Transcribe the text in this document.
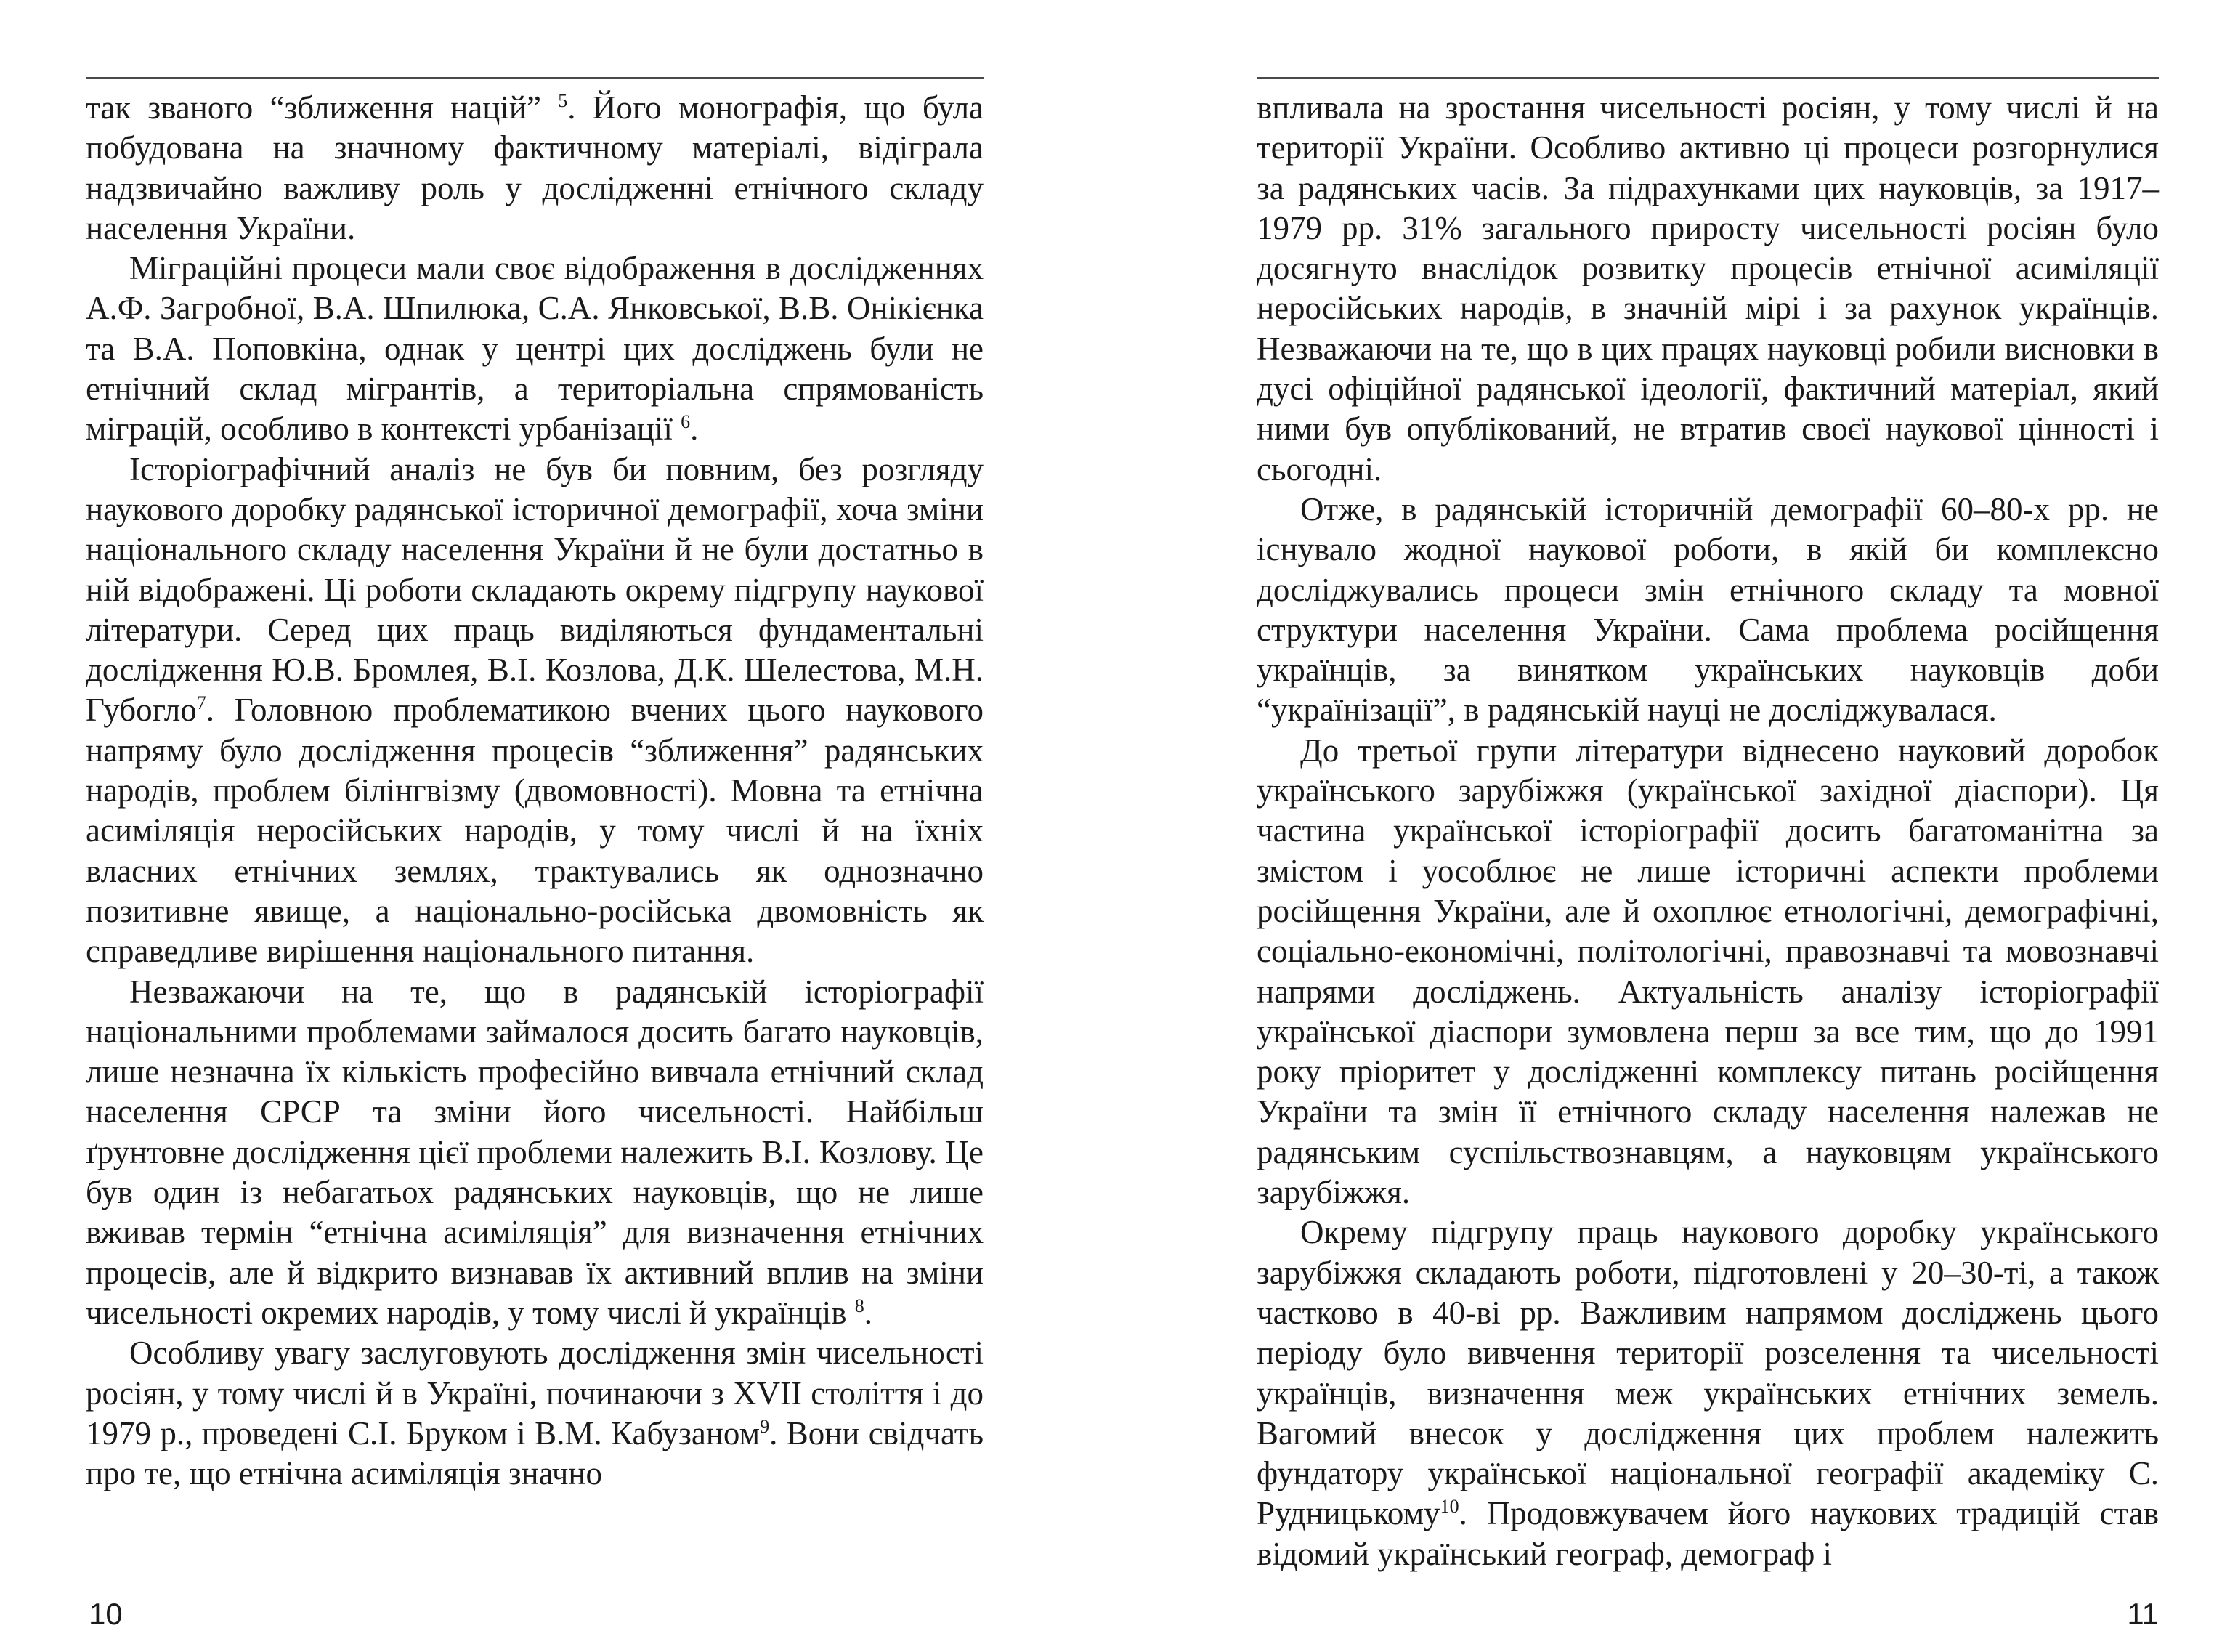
так званого “зближення націй” $^5$. Його монографія, що була побудована на значному фактичному матеріалі, відіграла надзвичайно важливу роль у дослідженні етнічного складу населення України.

Міграційні процеси мали своє відображення в дослідженнях А.Ф. Загробної, В.А. Шпилюка, С.А. Янковської, В.В. Онікієнка та В.А. Поповкіна, однак у центрі цих досліджень були не етнічний склад мігрантів, а територіальна спрямованість міграцій, особливо в контексті урбанізації $^6$.

Історіографічний аналіз не був би повним, без розгляду наукового доробку радянської історичної демографії, хоча зміни національного складу населення України й не були достатньо в ній відображені. Ці роботи складають окрему підгрупу наукової літератури. Серед цих праць виділяються фундаментальні дослідження Ю.В. Бромлея, В.І. Козлова, Д.К. Шелестова, М.Н. Губогло$^7$. Головною проблематикою вчених цього наукового напряму було дослідження процесів “зближення” радянських народів, проблем білінгвізму (двомовності). Мовна та етнічна асиміляція неросійських народів, у тому числі й на їхніх власних етнічних землях, трактувались як однозначно позитивне явище, а національно-російська двомовність як справедливе вирішення національного питання.

Незважаючи на те, що в радянській історіографії національними проблемами займалося досить багато науковців, лише незначна їх кількість професійно вивчала етнічний склад населення СРСР та зміни його чисельності. Найбільш ґрунтовне дослідження цієї проблеми належить В.І. Козлову. Це був один із небагатьох радянських науковців, що не лише вживав термін “етнічна асиміляція” для визначення етнічних процесів, але й відкрито визнавав їх активний вплив на зміни чисельності окремих народів, у тому числі й українців $^8$.

Особливу увагу заслуговують дослідження змін чисельності росіян, у тому числі й в Україні, починаючи з XVII століття і до 1979 р., проведені С.І. Бруком і В.М. Кабузаном$^9$. Вони свідчать про те, що етнічна асиміляція значно

10

впливала на зростання чисельності росіян, у тому числі й на території України. Особливо активно ці процеси розгорнулися за радянських часів. За підрахунками цих науковців, за 1917–1979 рр. 31% загального приросту чисельності росіян було досягнуто внаслідок розвитку процесів етнічної асиміляції неросійських народів, в значній мірі і за рахунок українців. Незважаючи на те, що в цих працях науковці робили висновки в дусі офіційної радянської ідеології, фактичний матеріал, який ними був опублікований, не втратив своєї наукової цінності і сьогодні.

Отже, в радянській історичній демографії 60–80-х рр. не існувало жодної наукової роботи, в якій би комплексно досліджувались процеси змін етнічного складу та мовної структури населення України. Сама проблема російщення українців, за винятком українських науковців доби “українізації”, в радянській науці не досліджувалася.

До третьої групи літератури віднесено науковий доробок українського зарубіжжя (української західної діаспори). Ця частина української історіографії досить багатоманітна за змістом і уособлює не лише історичні аспекти проблеми російщення України, але й охоплює етнологічні, демографічні, соціально-економічні, політологічні, правознавчі та мовознавчі напрями досліджень. Актуальність аналізу історіографії української діаспори зумовлена перш за все тим, що до 1991 року пріоритет у дослідженні комплексу питань російщення України та змін її етнічного складу населення належав не радянським суспільствознавцям, а науковцям українського зарубіжжя.

Окрему підгрупу праць наукового доробку українського зарубіжжя складають роботи, підготовлені у 20–30-ті, а також частково в 40-ві рр. Важливим напрямом досліджень цього періоду було вивчення території розселення та чисельності українців, визначення меж українських етнічних земель. Вагомий внесок у дослідження цих проблем належить фундатору української національної географії академіку С. Рудницькому$^{10}$. Продовжувачем його наукових традицій став відомий український географ, демограф і

11
